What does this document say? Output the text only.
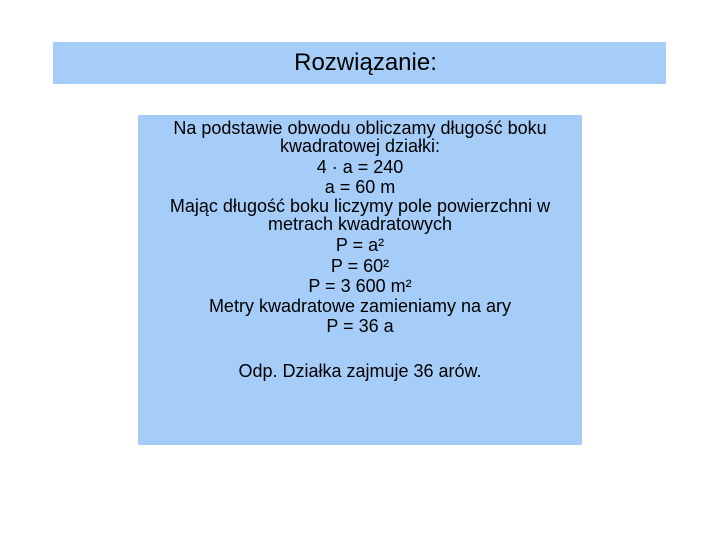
Rozwiązanie:
Na podstawie obwodu obliczamy długość boku
kwadratowej działki:
4 · a = 240
a = 60 m
Mając długość boku liczymy pole powierzchni w
metrach kwadratowych
P = a²
P = 60²
P = 3 600 m²
Metry kwadratowe zamieniamy na ary
P = 36 a
Odp. Działka zajmuje 36 arów.
